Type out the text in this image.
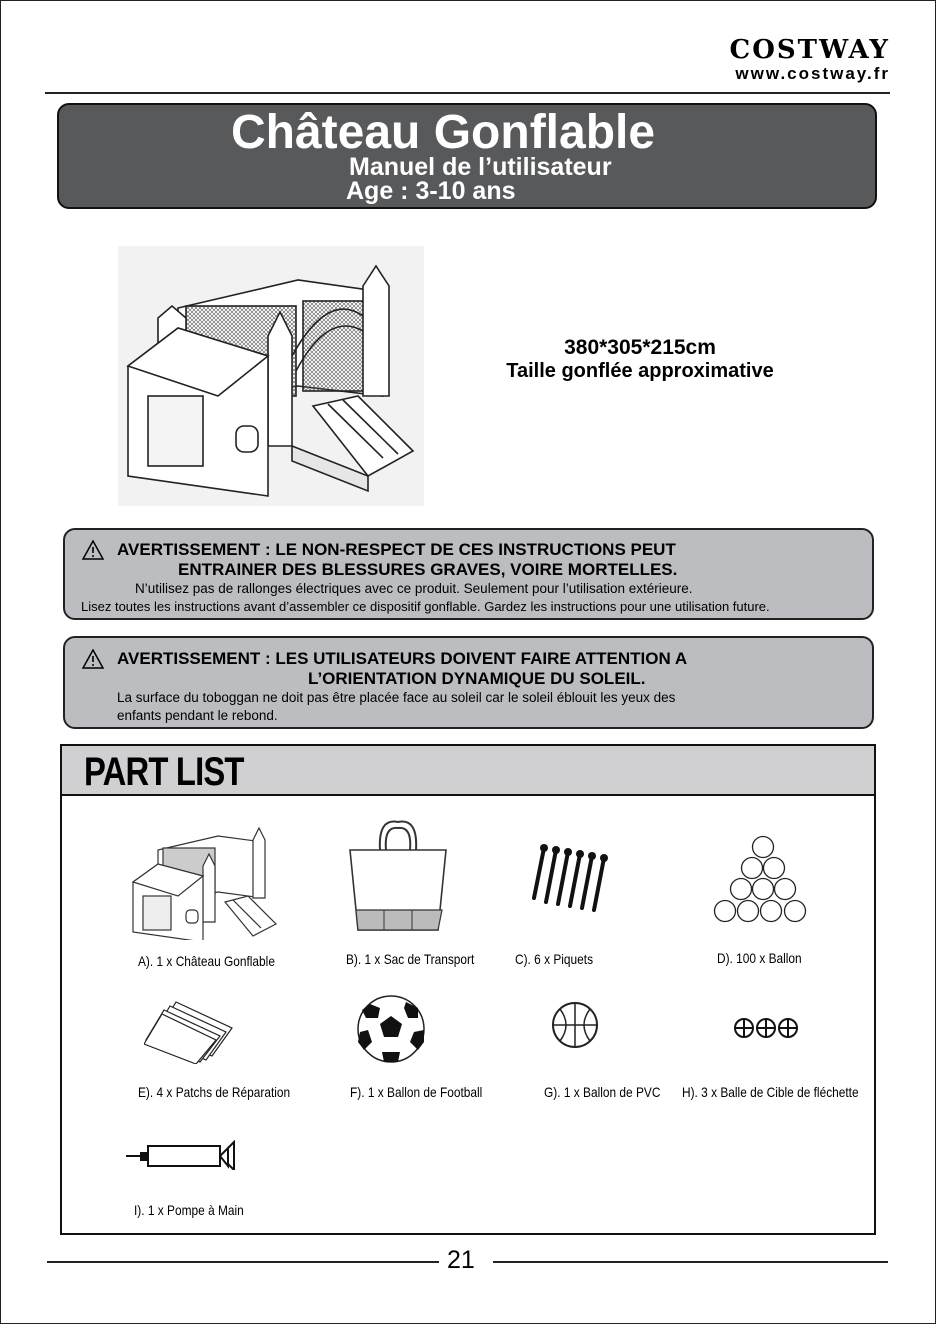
COSTWAY
www.costway.fr
Château Gonflable
Manuel de l’utilisateur
Age : 3-10 ans
380*305*215cm
Taille gonflée approximative
AVERTISSEMENT : LE NON-RESPECT DE CES INSTRUCTIONS PEUT
ENTRAINER DES BLESSURES GRAVES, VOIRE MORTELLES.
N’utilisez pas de rallonges électriques avec ce produit. Seulement pour l’utilisation extérieure.
Lisez toutes les instructions avant d’assembler ce dispositif gonflable. Gardez les instructions pour une utilisation future.
AVERTISSEMENT : LES UTILISATEURS DOIVENT FAIRE ATTENTION A
L’ORIENTATION DYNAMIQUE DU SOLEIL.
La surface du toboggan ne doit pas être placée face au soleil car le soleil éblouit les yeux des
enfants pendant le rebond.
PART LIST
A). 1 x Château Gonflable	B). 1 x Sac de Transport	C). 6 x Piquets	D). 100 x Ballon
E). 4 x Patchs de Réparation	F). 1 x Ballon de Football	G). 1 x Ballon de PVC H). 3 x Balle de Cible de fléchette
I). 1 x Pompe à Main
21
